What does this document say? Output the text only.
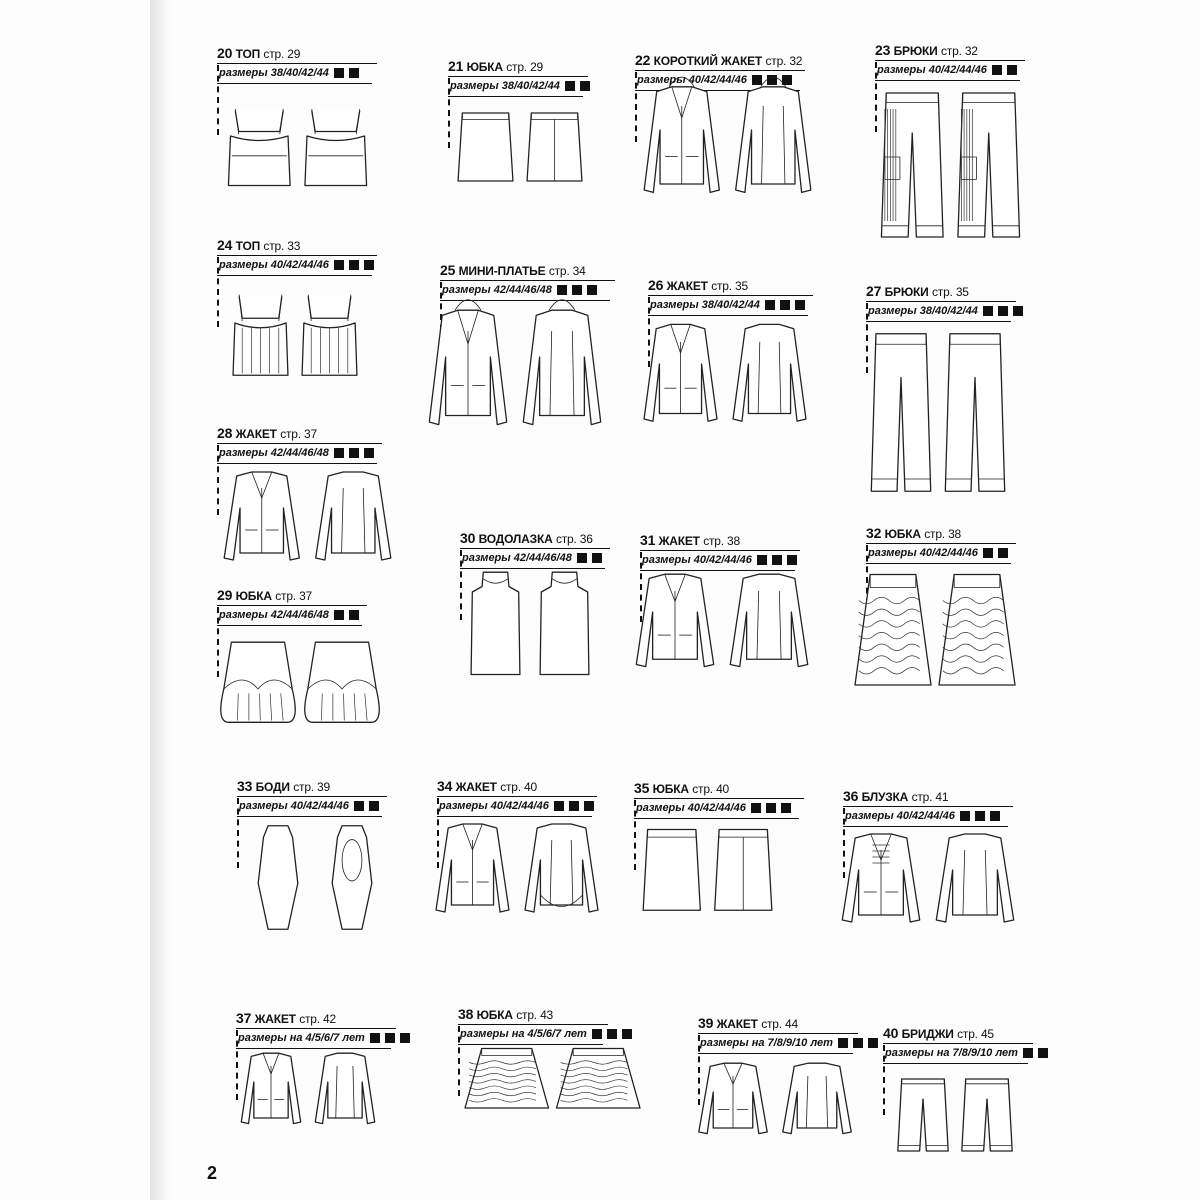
20 ТОП стр. 29
размеры 38/40/42/44	21 ЮБКА стр. 29
размеры 38/40/42/44
22 КОРОТКИЙ ЖАКЕТ стр. 32
размеры 40/42/44/46
23 БРЮКИ стр. 32
размеры 40/42/44/46
24 ТОП стр. 33
размеры 40/42/44/46	25 МИНИ-ПЛАТЬЕ стр. 34
размеры 42/44/46/48	26 ЖАКЕТ стр. 35
размеры 38/40/42/44
27 БРЮКИ стр. 35
размеры 38/40/42/44
28 ЖАКЕТ стр. 37
размеры 42/44/46/48
29 ЮБКА стр. 37
размеры 42/44/46/48
30 ВОДОЛАЗКА стр. 36
размеры 42/44/46/48
31 ЖАКЕТ стр. 38
размеры 40/42/44/46
32 ЮБКА стр. 38
размеры 40/42/44/46
33 БОДИ стр. 39
размеры 40/42/44/46
34 ЖАКЕТ стр. 40
размеры 40/42/44/46
35 ЮБКА стр. 40
размеры 40/42/44/46
36 БЛУЗКА стр. 41
размеры 40/42/44/46
37 ЖАКЕТ стр. 42
размеры на 4/5/6/7 лет
38 ЮБКА стр. 43
размеры на 4/5/6/7 лет
39 ЖАКЕТ стр. 44
размеры на 7/8/9/10 лет
40 БРИДЖИ стр. 45
размеры на 7/8/9/10 лет
2
